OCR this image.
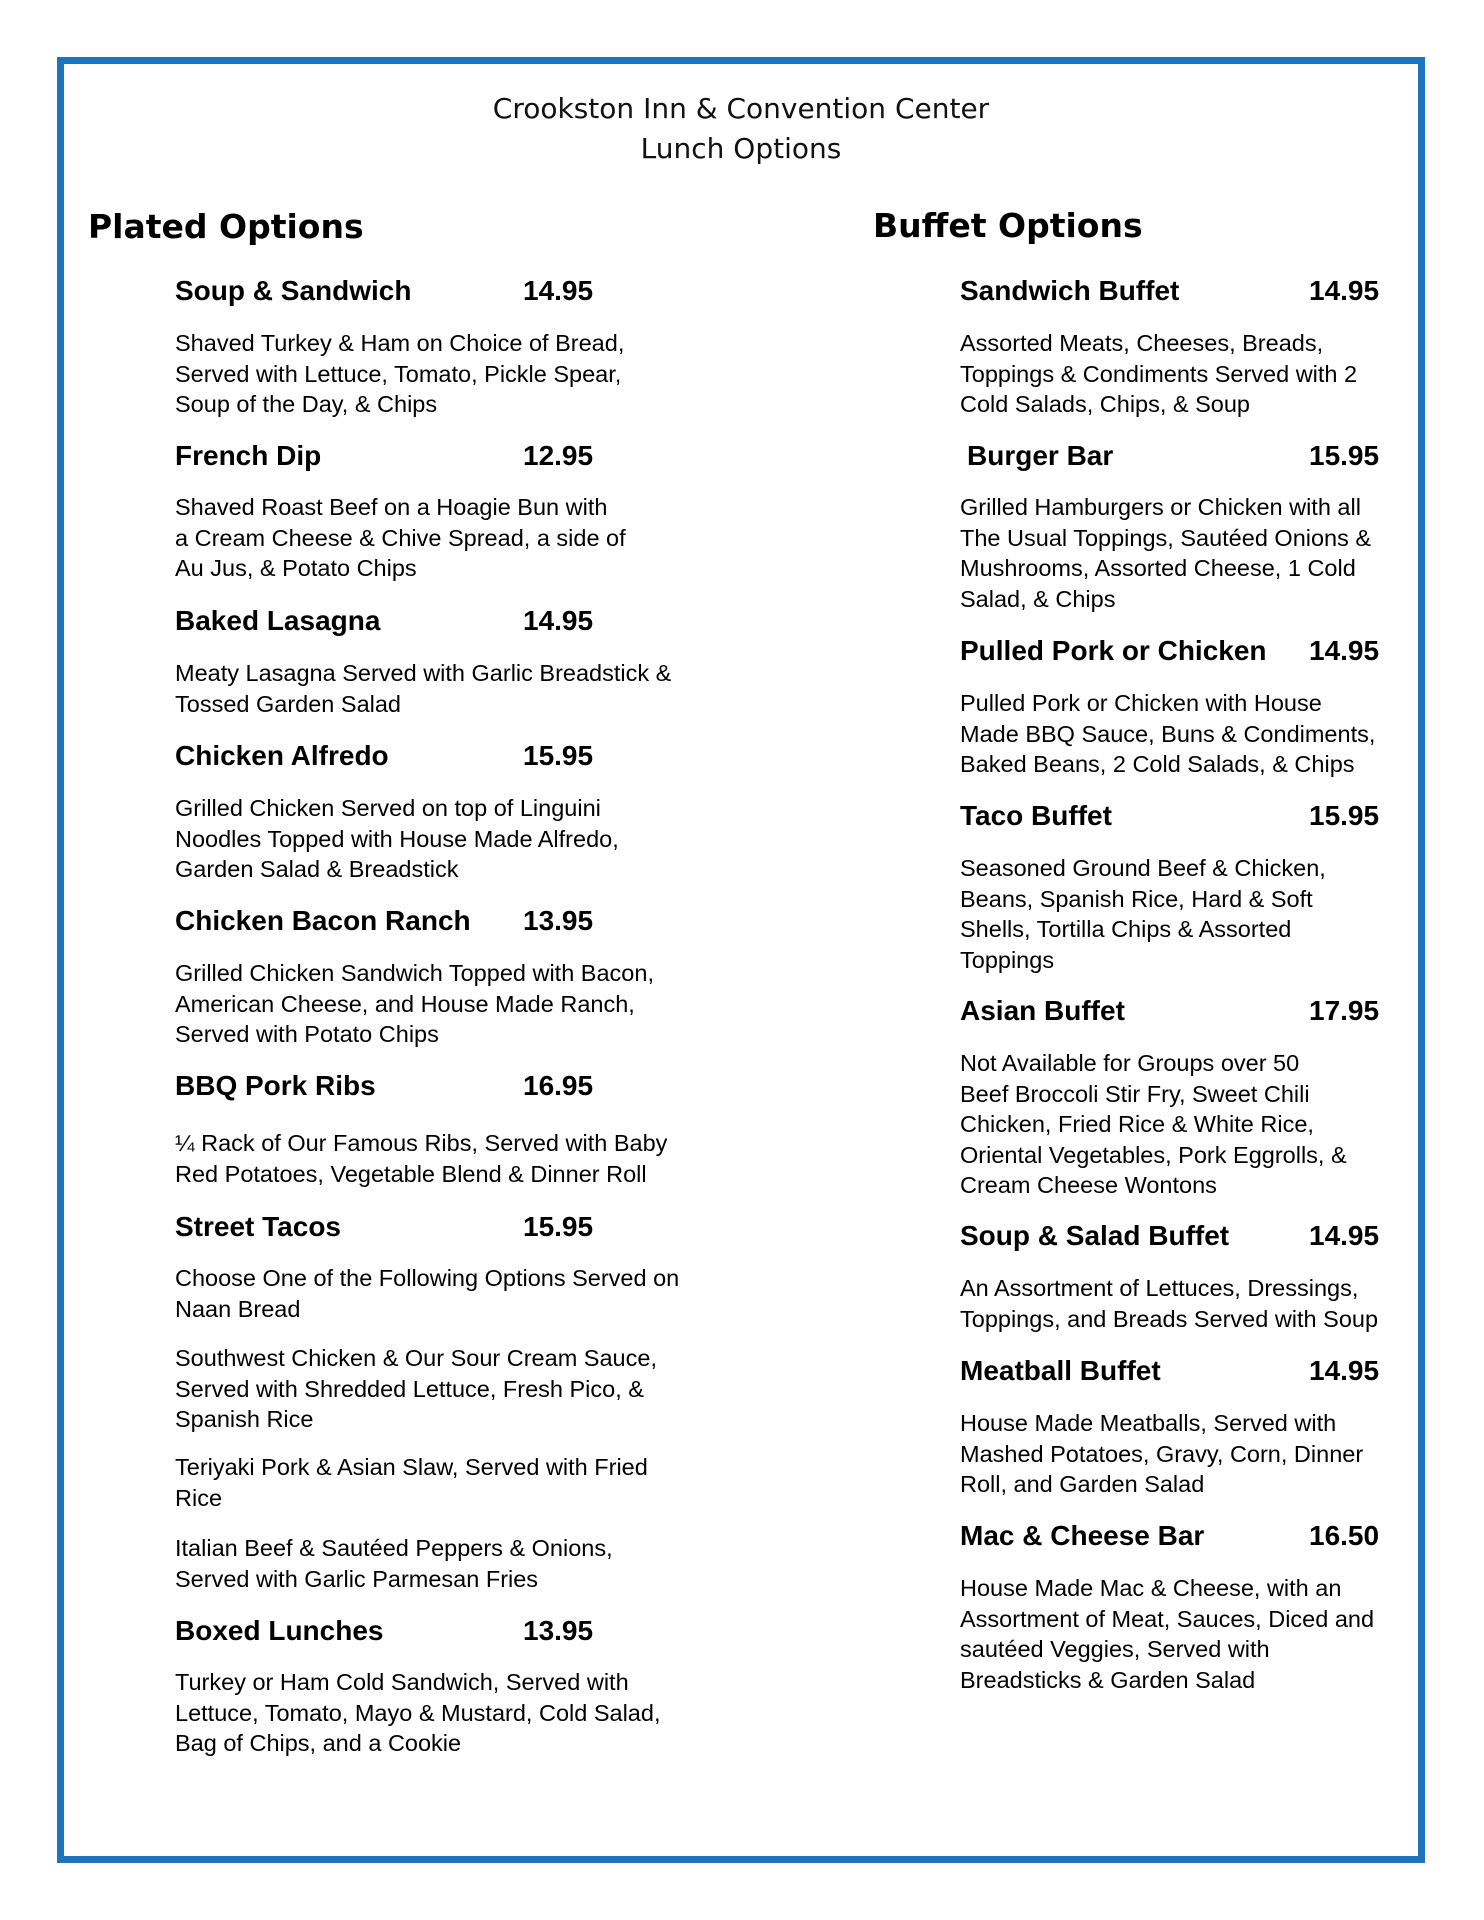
Crookston Inn & Convention Center
Lunch Options
Plated Options
Soup & Sandwich	14.95
Shaved Turkey & Ham on Choice of Bread,
Served with Lettuce, Tomato, Pickle Spear,
Soup of the Day, & Chips
French Dip	12.95
Shaved Roast Beef on a Hoagie Bun with
a Cream Cheese & Chive Spread, a side of
Au Jus, & Potato Chips
Baked Lasagna	14.95
Meaty Lasagna Served with Garlic Breadstick &
Tossed Garden Salad
Chicken Alfredo	15.95
Grilled Chicken Served on top of Linguini
Noodles Topped with House Made Alfredo,
Garden Salad & Breadstick
Chicken Bacon Ranch 13.95
Grilled Chicken Sandwich Topped with Bacon,
American Cheese, and House Made Ranch,
Served with Potato Chips
BBQ Pork Ribs	16.95
¼ Rack of Our Famous Ribs, Served with Baby
Red Potatoes, Vegetable Blend & Dinner Roll
Street Tacos	15.95
Choose One of the Following Options Served on
Naan Bread
Southwest Chicken & Our Sour Cream Sauce,
Served with Shredded Lettuce, Fresh Pico, &
Spanish Rice
Teriyaki Pork & Asian Slaw, Served with Fried
Rice
Italian Beef & Sautéed Peppers & Onions,
Served with Garlic Parmesan Fries
Boxed Lunches	13.95
Turkey or Ham Cold Sandwich, Served with
Lettuce, Tomato, Mayo & Mustard, Cold Salad,
Bag of Chips, and a Cookie
Buffet Options
Sandwich Buffet	14.95
Assorted Meats, Cheeses, Breads,
Toppings & Condiments Served with 2
Cold Salads, Chips, & Soup
Burger Bar	15.95
Grilled Hamburgers or Chicken with all
The Usual Toppings, Sautéed Onions &
Mushrooms, Assorted Cheese, 1 Cold
Salad, & Chips
Pulled Pork or Chicken 14.95
Pulled Pork or Chicken with House
Made BBQ Sauce, Buns & Condiments,
Baked Beans, 2 Cold Salads, & Chips
Taco Buffet	15.95
Seasoned Ground Beef & Chicken,
Beans, Spanish Rice, Hard & Soft
Shells, Tortilla Chips & Assorted
Toppings
Asian Buffet	17.95
Not Available for Groups over 50
Beef Broccoli Stir Fry, Sweet Chili
Chicken, Fried Rice & White Rice,
Oriental Vegetables, Pork Eggrolls, &
Cream Cheese Wontons
Soup & Salad Buffet	14.95
An Assortment of Lettuces, Dressings,
Toppings, and Breads Served with Soup
Meatball Buffet	14.95
House Made Meatballs, Served with
Mashed Potatoes, Gravy, Corn, Dinner
Roll, and Garden Salad
Mac & Cheese Bar	16.50
House Made Mac & Cheese, with an
Assortment of Meat, Sauces, Diced and
sautéed Veggies, Served with
Breadsticks & Garden Salad
